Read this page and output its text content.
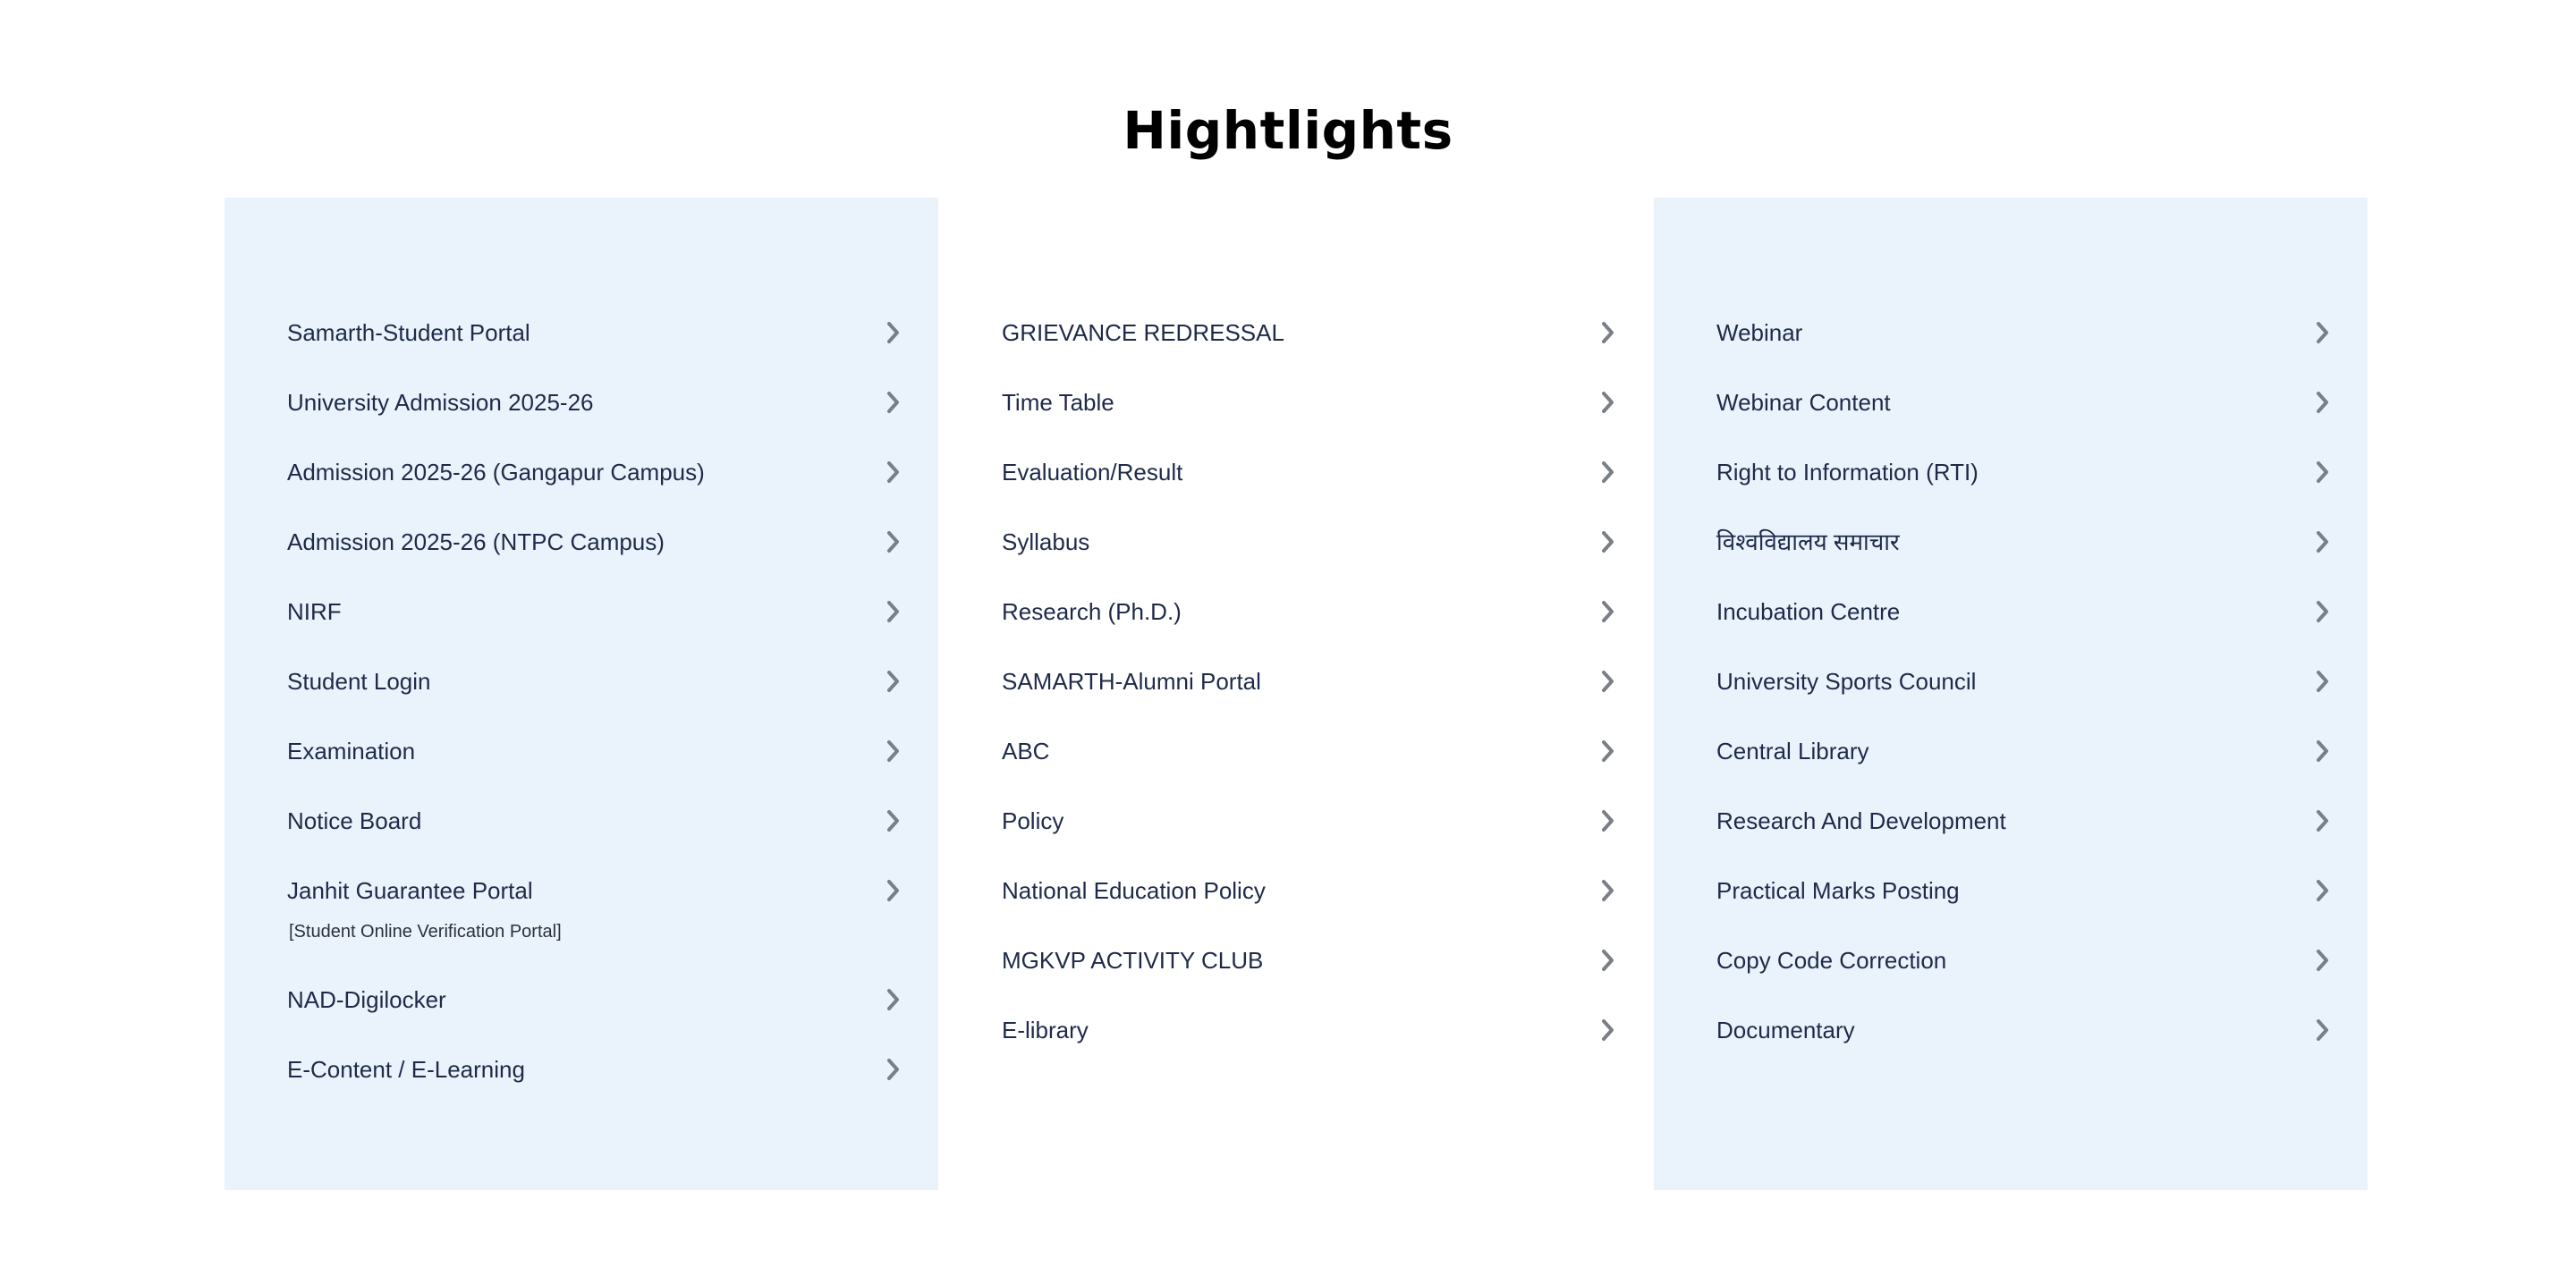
Hightlights
Samarth-Student Portal
University Admission 2025-26
Admission 2025-26 (Gangapur Campus)
Admission 2025-26 (NTPC Campus)
NIRF
Student Login
Examination
Notice Board
Janhit Guarantee Portal
[Student Online Verification Portal]
NAD-Digilocker
E-Content / E-Learning
GRIEVANCE REDRESSAL
Time Table
Evaluation/Result
Syllabus
Research (Ph.D.)
SAMARTH-Alumni Portal
ABC
Policy
National Education Policy
MGKVP ACTIVITY CLUB
E-library
Webinar
Webinar Content
Right to Information (RTI)
विश्वविद्यालय समाचार
Incubation Centre
University Sports Council
Central Library
Research And Development
Practical Marks Posting
Copy Code Correction
Documentary
